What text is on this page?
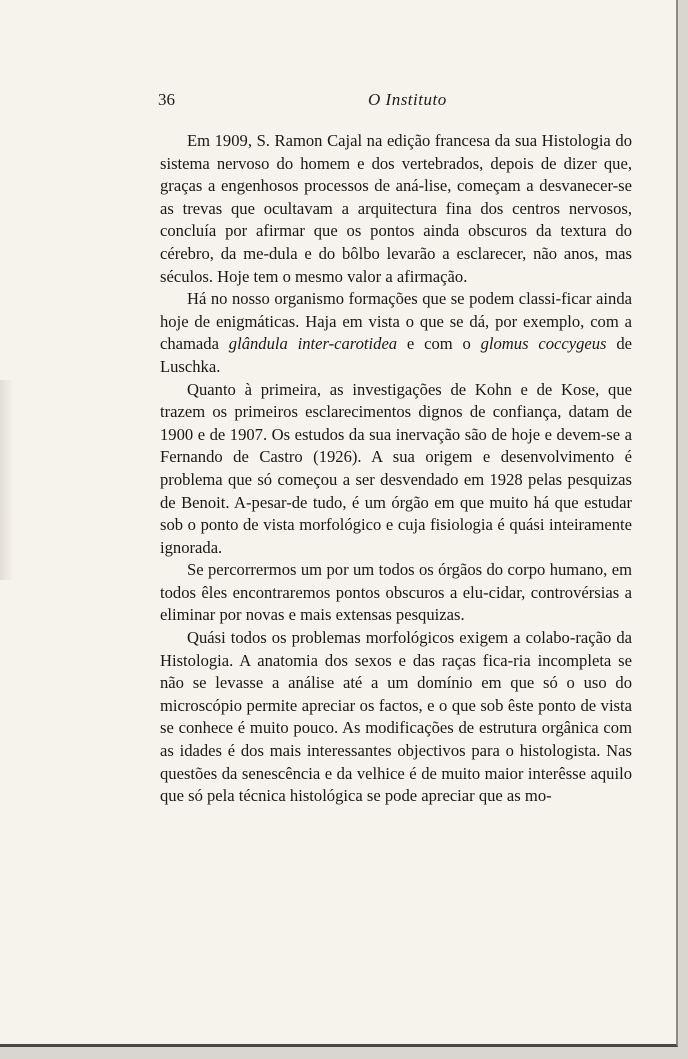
36	O Instituto

Em 1909, S. Ramon Cajal na edição francesa da sua Histologia do sistema nervoso do homem e dos vertebrados, depois de dizer que, graças a engenhosos processos de aná-lise, começam a desvanecer-se as trevas que ocultavam a arquitectura fina dos centros nervosos, concluía por afirmar que os pontos ainda obscuros da textura do cérebro, da me-dula e do bôlbo levarão a esclarecer, não anos, mas séculos. Hoje tem o mesmo valor a afirmação.

Há no nosso organismo formações que se podem classi-ficar ainda hoje de enigmáticas. Haja em vista o que se dá, por exemplo, com a chamada glândula inter-carotidea e com o glomus coccygeus de Luschka.

Quanto à primeira, as investigações de Kohn e de Kose, que trazem os primeiros esclarecimentos dignos de confiança, datam de 1900 e de 1907. Os estudos da sua inervação são de hoje e devem-se a Fernando de Castro (1926). A sua origem e desenvolvimento é problema que só começou a ser desvendado em 1928 pelas pesquizas de Benoit. A-pesar-de tudo, é um órgão em que muito há que estudar sob o ponto de vista morfológico e cuja fisiologia é quási inteiramente ignorada.

Se percorrermos um por um todos os órgãos do corpo humano, em todos êles encontraremos pontos obscuros a elu-cidar, controvérsias a eliminar por novas e mais extensas pesquizas.

Quási todos os problemas morfológicos exigem a colabo-ração da Histologia. A anatomia dos sexos e das raças fica-ria incompleta se não se levasse a análise até a um domínio em que só o uso do microscópio permite apreciar os factos, e o que sob êste ponto de vista se conhece é muito pouco. As modificações de estrutura orgânica com as idades é dos mais interessantes objectivos para o histologista. Nas questões da senescência e da velhice é de muito maior interêsse aquilo que só pela técnica histológica se pode apreciar que as mo-
